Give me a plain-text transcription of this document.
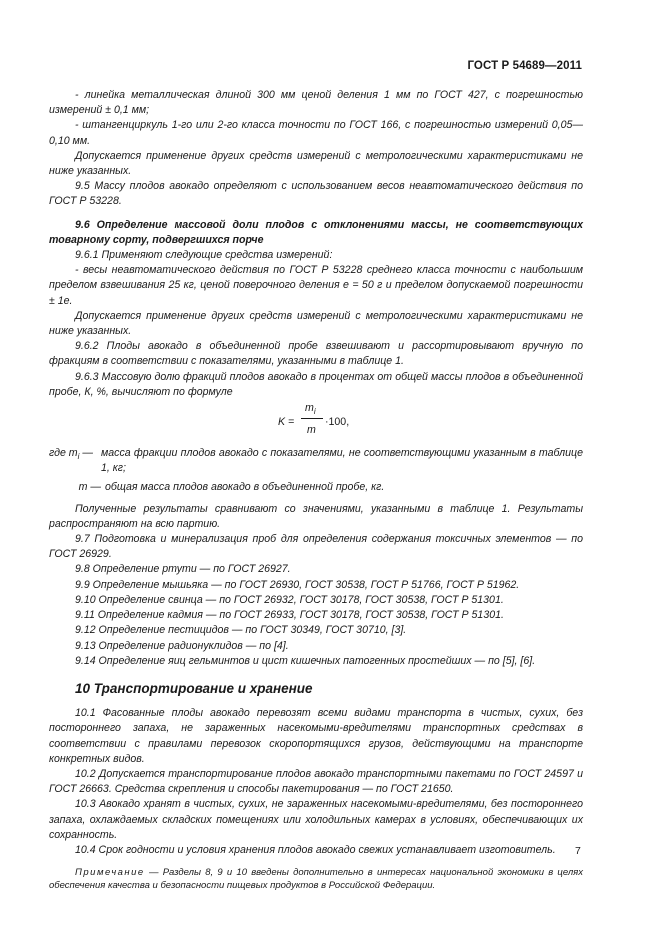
ГОСТ Р 54689—2011

- линейка металлическая длиной 300 мм ценой деления 1 мм по ГОСТ 427, с погрешностью измерений ± 0,1 мм;

- штангенциркуль 1-го или 2-го класса точности по ГОСТ 166, с погрешностью измерений 0,05—0,10 мм.

Допускается применение других средств измерений с метрологическими характеристиками не ниже указанных.

9.5 Массу плодов авокадо определяют с использованием весов неавтоматического действия по ГОСТ Р 53228.

9.6 Определение массовой доли плодов с отклонениями массы, не соответствующих товарному сорту, подвергшихся порче

9.6.1 Применяют следующие средства измерений:

- весы неавтоматического действия по ГОСТ Р 53228 среднего класса точности с наибольшим пределом взвешивания 25 кг, ценой поверочного деления е = 50 г и пределом допускаемой погрешности ± 1е.

Допускается применение других средств измерений с метрологическими характеристиками не ниже указанных.

9.6.2 Плоды авокадо в объединенной пробе взвешивают и рассортировывают вручную по фракциям в соответствии с показателями, указанными в таблице 1.

9.6.3 Массовую долю фракций плодов авокадо в процентах от общей массы плодов в объединенной пробе, К, %, вычисляют по формуле

K =
$m_i$
m
·100,
где $m_i$ — масса фракции плодов авокадо с показателями, не соответствующими указанным в таблице 1, кг;
m — общая масса плодов авокадо в объединенной пробе, кг.

Полученные результаты сравнивают со значениями, указанными в таблице 1. Результаты распространяют на всю партию.

9.7 Подготовка и минерализация проб для определения содержания токсичных элементов — по ГОСТ 26929.

9.8 Определение ртути — по ГОСТ 26927.

9.9 Определение мышьяка — по ГОСТ 26930, ГОСТ 30538, ГОСТ Р 51766, ГОСТ Р 51962.

9.10 Определение свинца — по ГОСТ 26932, ГОСТ 30178, ГОСТ 30538, ГОСТ Р 51301.

9.11 Определение кадмия — по ГОСТ 26933, ГОСТ 30178, ГОСТ 30538, ГОСТ Р 51301.

9.12 Определение пестицидов — по ГОСТ 30349, ГОСТ 30710, [3].

9.13 Определение радионуклидов — по [4].

9.14 Определение яиц гельминтов и цист кишечных патогенных простейших — по [5], [6].

10 Транспортирование и хранение

10.1 Фасованные плоды авокадо перевозят всеми видами транспорта в чистых, сухих, без постороннего запаха, не зараженных насекомыми-вредителями транспортных средствах в соответствии с правилами перевозок скоропортящихся грузов, действующими на транспорте конкретных видов.

10.2 Допускается транспортирование плодов авокадо транспортными пакетами по ГОСТ 24597 и ГОСТ 26663. Средства скрепления и способы пакетирования — по ГОСТ 21650.

10.3 Авокадо хранят в чистых, сухих, не зараженных насекомыми-вредителями, без постороннего запаха, охлаждаемых складских помещениях или холодильных камерах в условиях, обеспечивающих их сохранность.

10.4 Срок годности и условия хранения плодов авокадо свежих устанавливает изготовитель.

Примечание — Разделы 8, 9 и 10 введены дополнительно в интересах национальной экономики в целях обеспечения качества и безопасности пищевых продуктов в Российской Федерации.

7
